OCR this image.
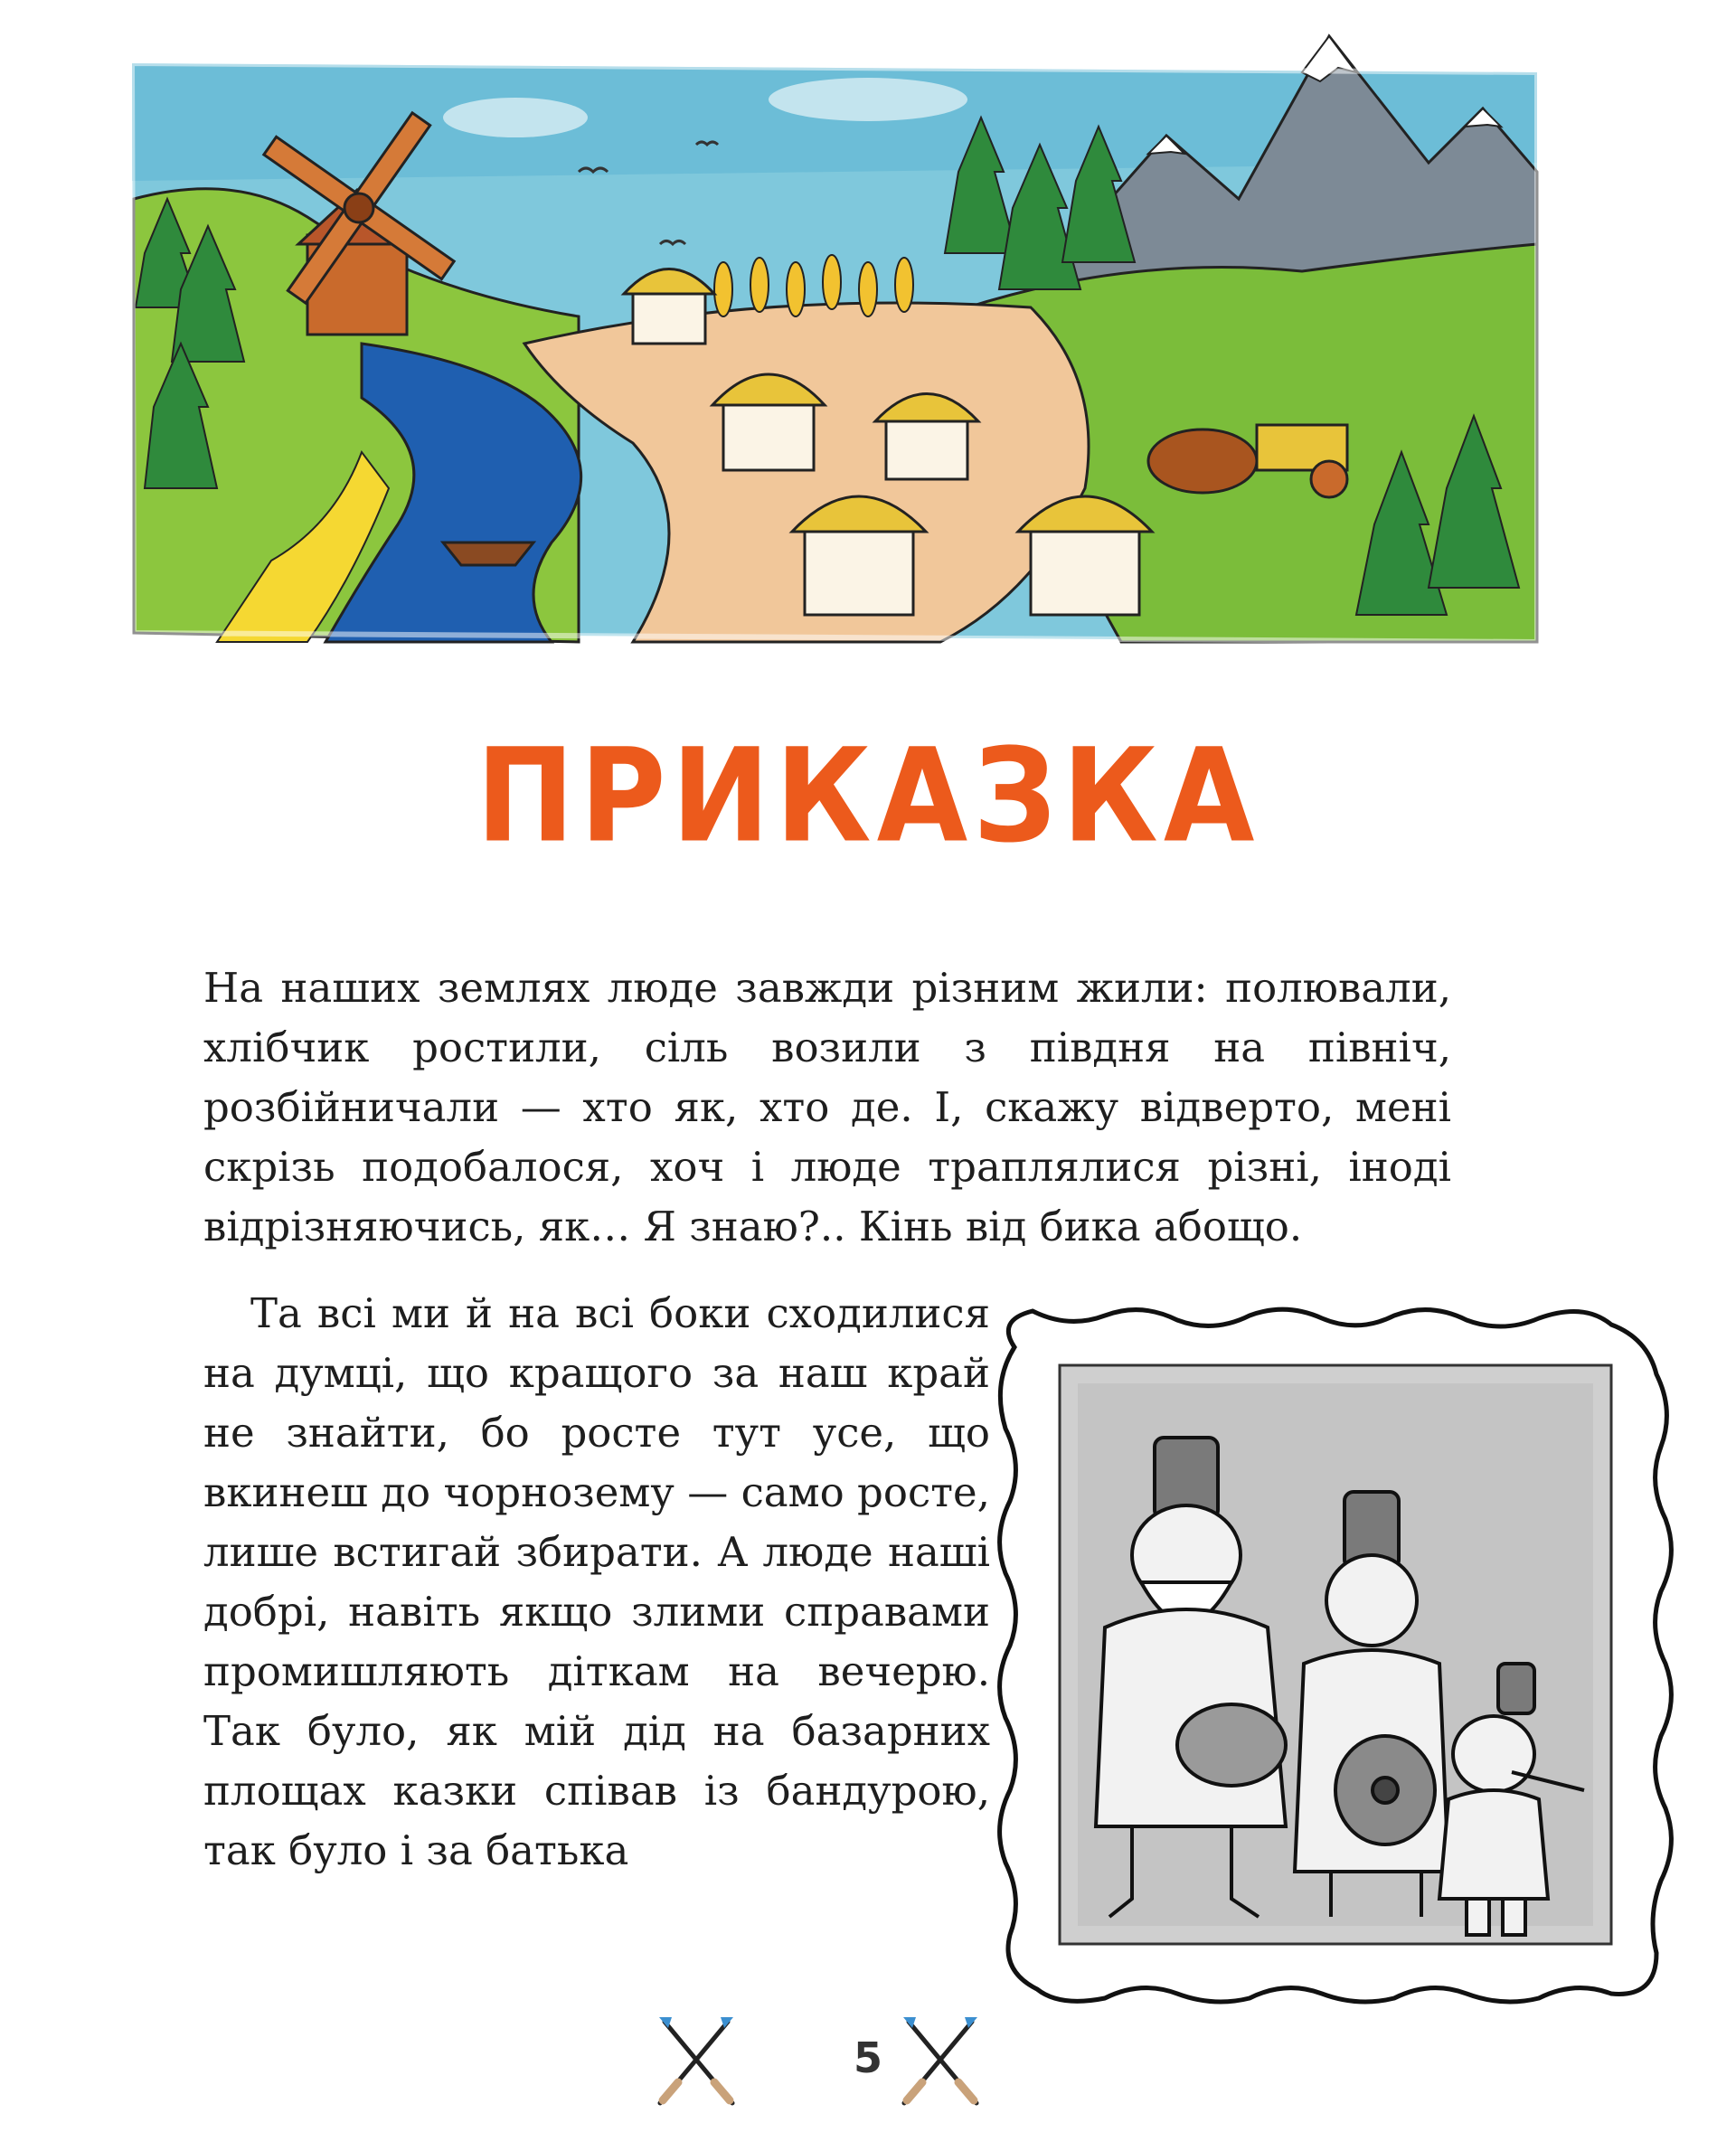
ПРИКАЗКА

На наших землях люде завжди різним жили: полювали, хлібчик ростили, сіль возили з півдня на північ, розбійничали — хто як, хто де. І, скажу відверто, мені скрізь подобалося, хоч і люде траплялися різні, іноді відрізняючись, як… Я знаю?.. Кінь від бика абощо.

Та всі ми й на всі боки сходилися на думці, що кращого за наш край не знайти, бо росте тут усе, що вкинеш до чорнозему — само росте, лише встигай збирати. А люде наші добрі, навіть якщо злими справами промишляють діткам на вечерю. Так було, як мій дід на базарних площах казки співав із бандурою, так було і за батька

5
